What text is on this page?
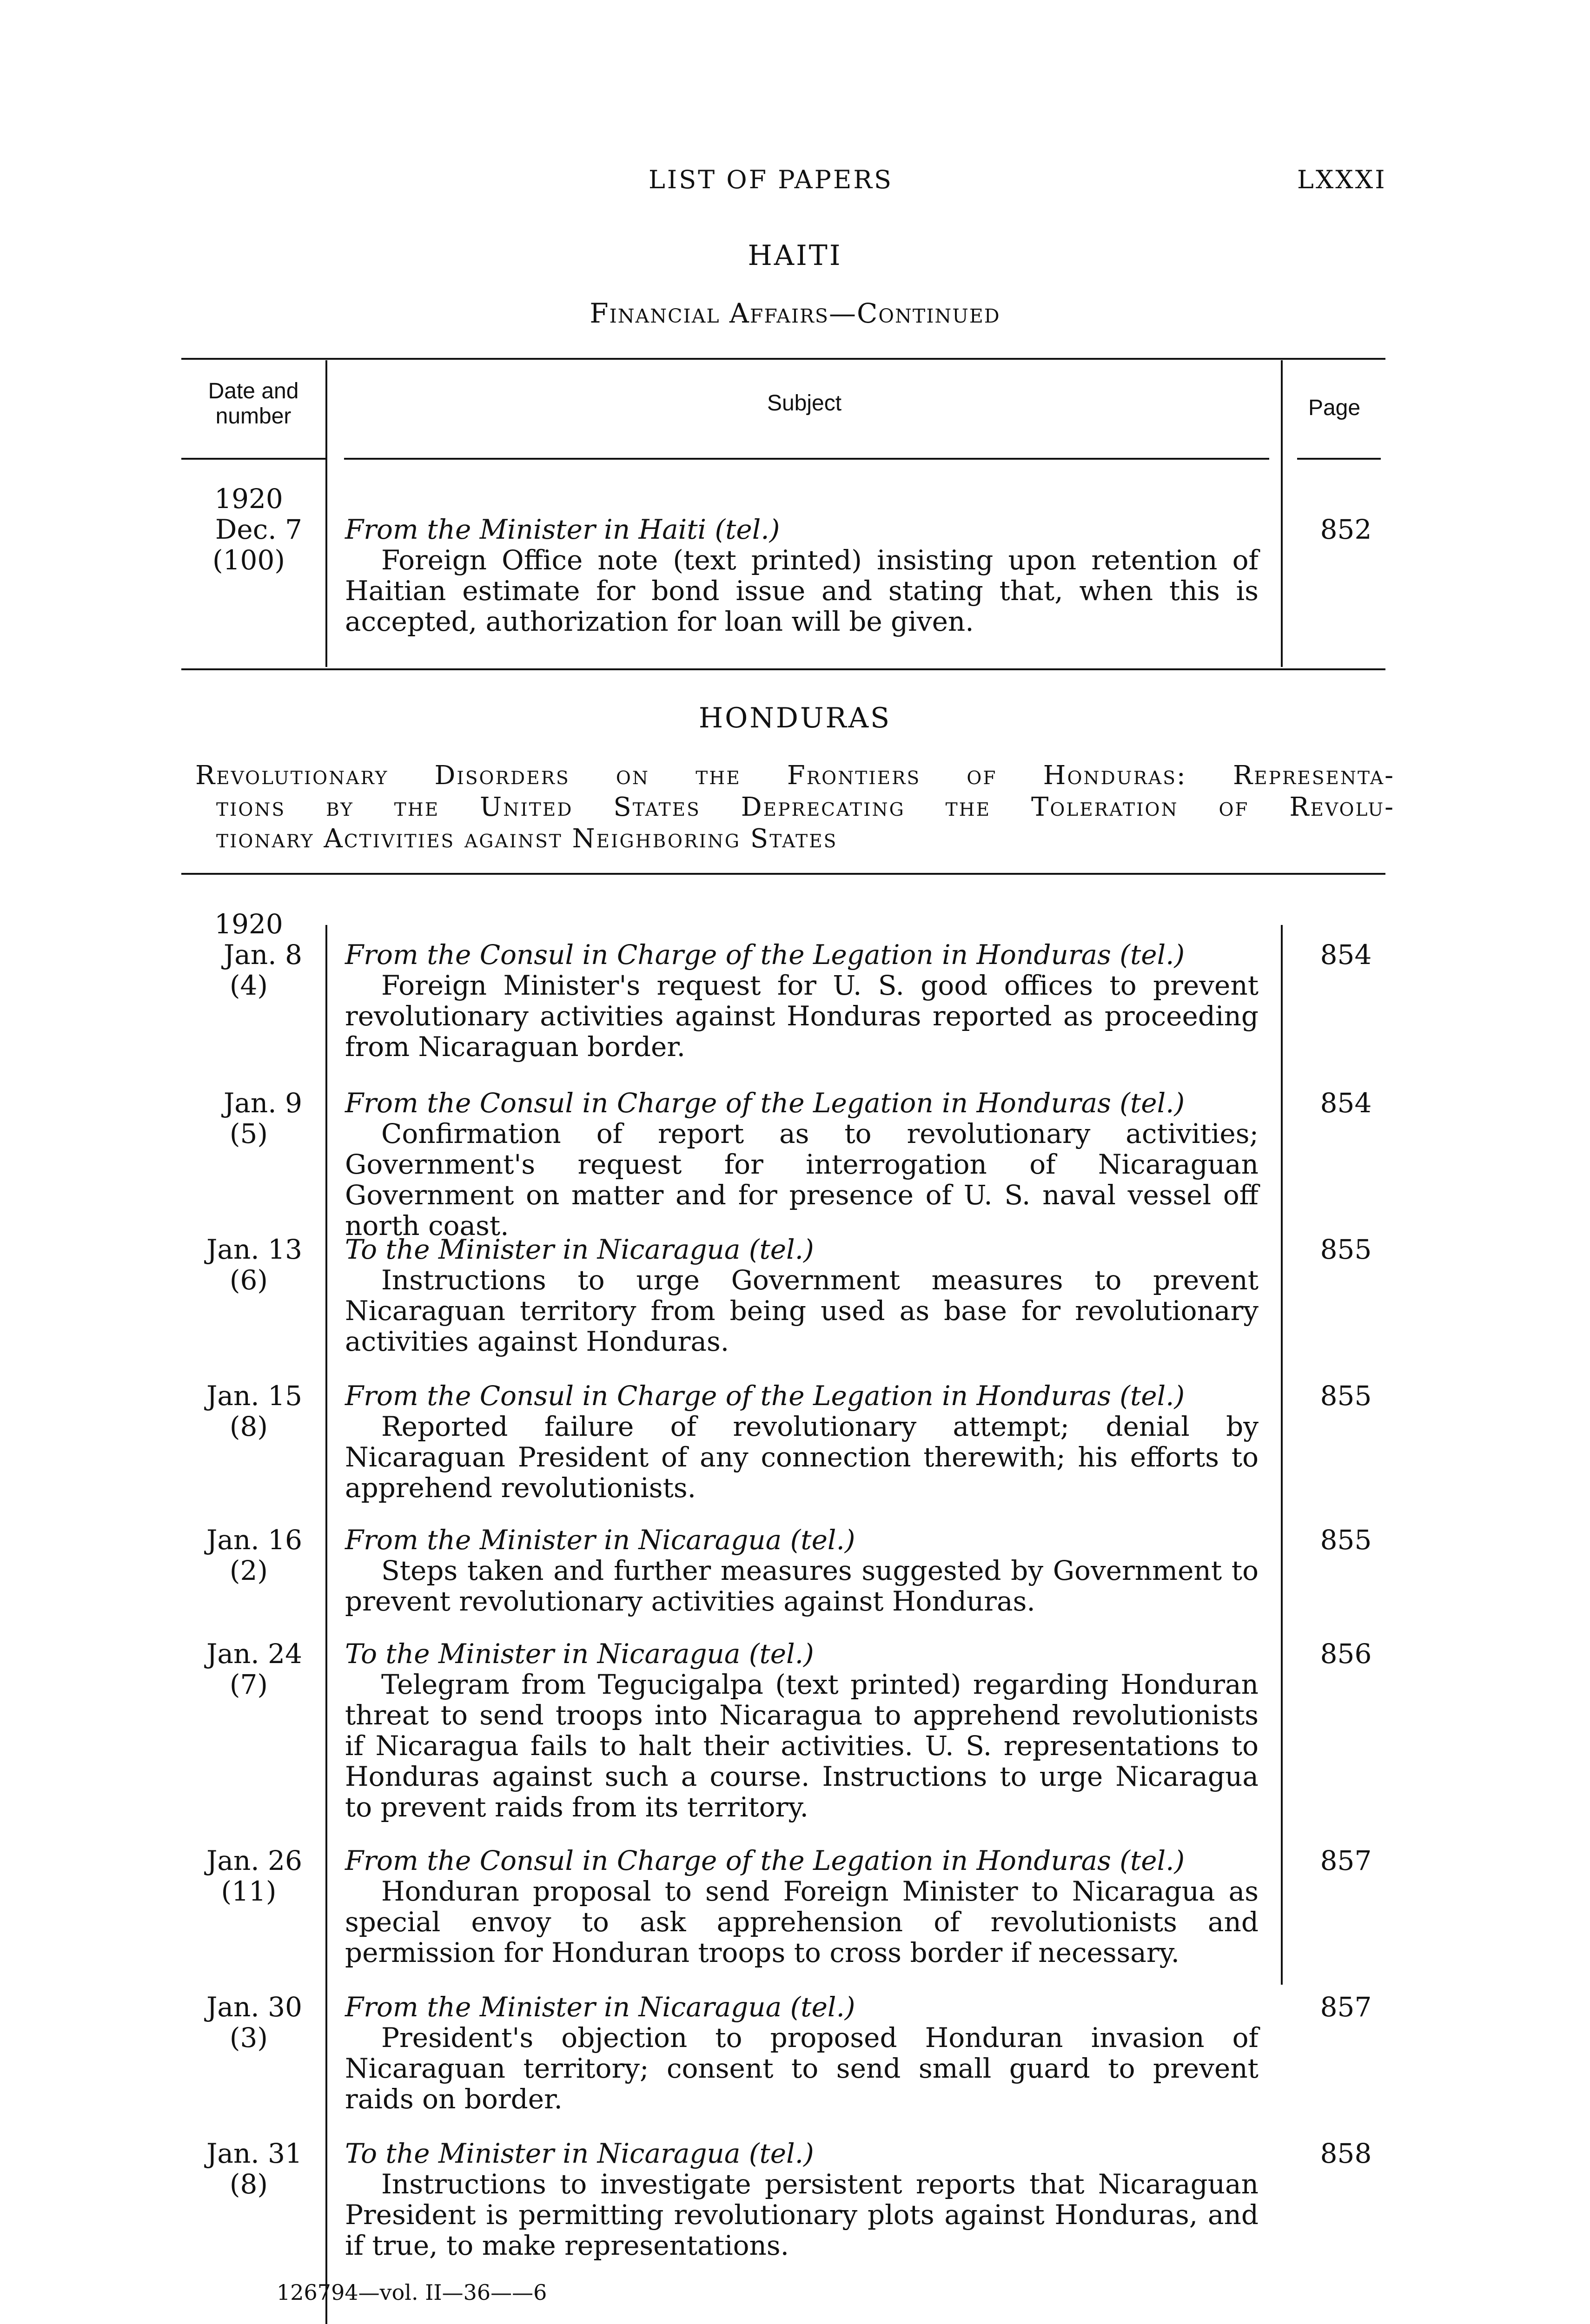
LIST OF PAPERS	LXXXI
HAITI
Financial Affairs—Continued
Date and number
Subject	Page
1920
Dec. 7
(100)
From the Minister in Haiti (tel.)
Foreign Office note (text printed) insisting upon retention of Haitian estimate for bond issue and stating that, when this is accepted, authorization for loan will be given.
852
HONDURAS
Revolutionary Disorders on the Frontiers of Honduras: Representa-
tions by the United States Deprecating the Toleration of Revolu-
tionary Activities against Neighboring States
1920
Jan. 8
(4)
From the Consul in Charge of the Legation in Honduras (tel.)
Foreign Minister's request for U. S. good offices to prevent revolutionary activities against Honduras reported as proceeding from Nicaraguan border.
854
Jan. 9
(5)
From the Consul in Charge of the Legation in Honduras (tel.)
Confirmation of report as to revolutionary activities; Government's request for interrogation of Nicaraguan Government on matter and for presence of U. S. naval vessel off north coast.
854
Jan. 13
(6)
To the Minister in Nicaragua (tel.)
Instructions to urge Government measures to prevent Nicaraguan territory from being used as base for revolutionary activities against Honduras.
855
Jan. 15
(8)
From the Consul in Charge of the Legation in Honduras (tel.)
Reported failure of revolutionary attempt; denial by Nicaraguan President of any connection therewith; his efforts to apprehend revolutionists.
855
Jan. 16
(2)
From the Minister in Nicaragua (tel.)
Steps taken and further measures suggested by Government to prevent revolutionary activities against Honduras.
855
Jan. 24
(7)
To the Minister in Nicaragua (tel.)
Telegram from Tegucigalpa (text printed) regarding Honduran threat to send troops into Nicaragua to apprehend revolutionists if Nicaragua fails to halt their activities. U. S. representations to Honduras against such a course. Instructions to urge Nicaragua to prevent raids from its territory.
856
Jan. 26
(11)
From the Consul in Charge of the Legation in Honduras (tel.)
Honduran proposal to send Foreign Minister to Nicaragua as special envoy to ask apprehension of revolutionists and permission for Honduran troops to cross border if necessary.
857
Jan. 30
(3)
From the Minister in Nicaragua (tel.)
President's objection to proposed Honduran invasion of Nicaraguan territory; consent to send small guard to prevent raids on border.
857
Jan. 31
(8)
To the Minister in Nicaragua (tel.)
Instructions to investigate persistent reports that Nicaraguan President is permitting revolutionary plots against Honduras, and if true, to make representations.
858
126794—vol. II—36——6
